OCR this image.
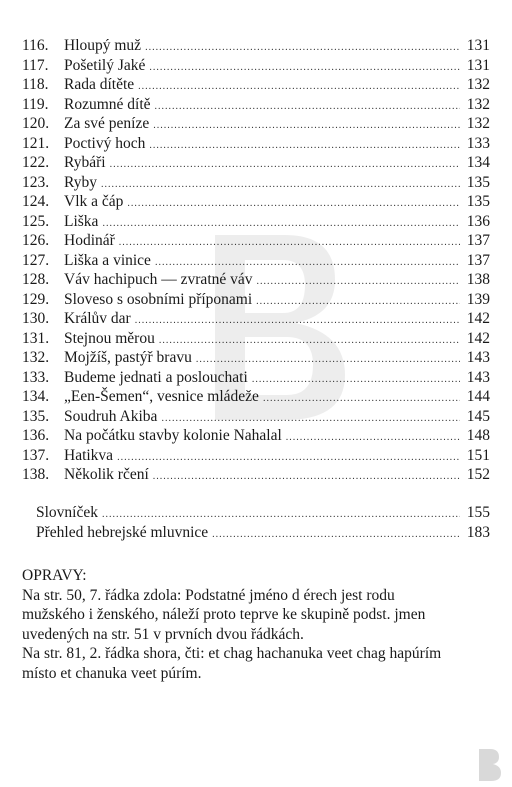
116. Hloupý muž .....	131
117. Pošetilý Jaké .....	131
118. Rada dítěte .....	132
119. Rozumné dítě .....	132
120. Za své peníze .....	132
121. Poctivý hoch .....	133
122. Rybáři .....	134
123. Ryby .....	135
124. Vlk a čáp .....	135
125. Liška .....	136
126. Hodinář .....	137
127. Liška a vinice .....	137
128. Váv hachipuch — zvratné váv .....	138
129. Sloveso s osobními příponami .....	139
130. Králův dar .....	142
131. Stejnou měrou .....	142
132. Mojžíš, pastýř bravu .....	143
133. Budeme jednati a poslouchati .....	143
134. „Een-Šemen“, vesnice mládeže .....	144
135. Soudruh Akiba .....	145
136. Na počátku stavby kolonie Nahalal .....	148
137. Hatikva .....	151
138. Několik rčení .....	152
Slovníček .....	155
Přehled hebrejské mluvnice .....	183

OPRAVY:

Na str. 50, 7. řádka zdola: Podstatné jméno d érech jest rodu

mužského i ženského, náleží proto teprve ke skupině podst. jmen

uvedených na str. 51 v prvních dvou řádkách.

Na str. 81, 2. řádka shora, čti: et chag hachanuka veet chag hapúrím

místo et chanuka veet púrím.
